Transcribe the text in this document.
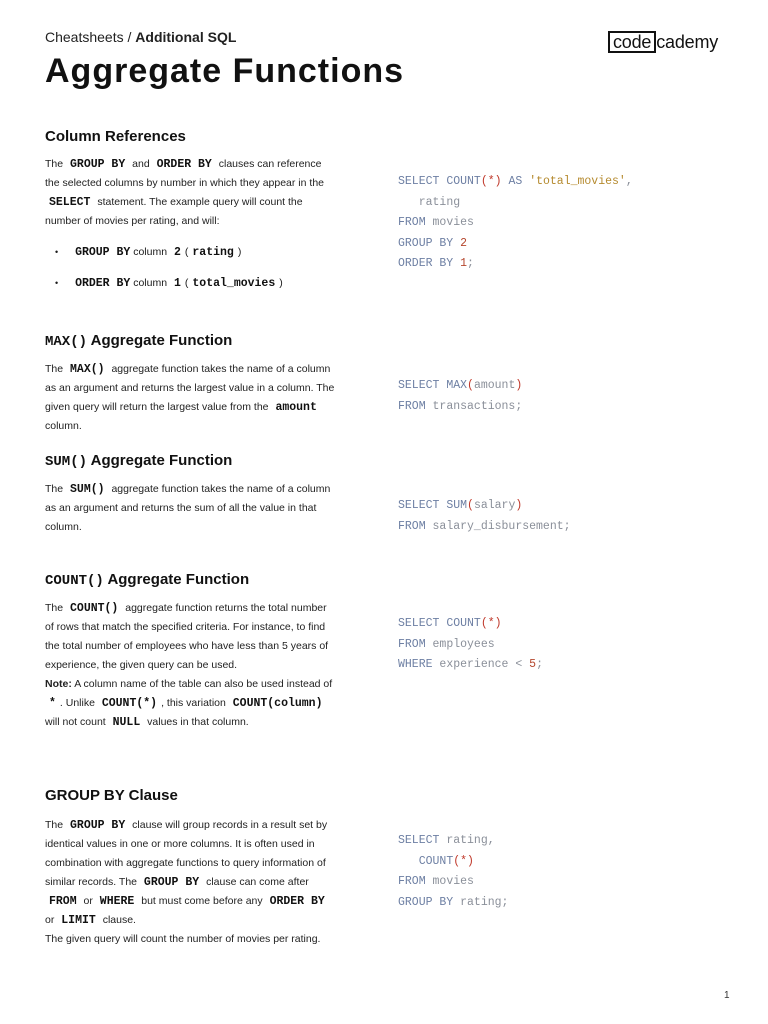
Cheatsheets / Additional SQL	code cademy
Aggregate Functions
Column References

The GROUP BY and ORDER BY clauses can reference the selected columns by number in which they appear in the SELECT statement. The example query will count the number of movies per rating, and will:

• GROUP BY column 2 ( rating )
• ORDER BY column 1 ( total_movies )
MAX() Aggregate Function

The MAX() aggregate function takes the name of a column as an argument and returns the largest value in a column. The given query will return the largest value from the amount column.

SUM() Aggregate Function

The SUM() aggregate function takes the name of a column as an argument and returns the sum of all the value in that column.

COUNT() Aggregate Function

The COUNT() aggregate function returns the total number of rows that match the specified criteria. For instance, to find the total number of employees who have less than 5 years of experience, the given query can be used.

Note: A column name of the table can also be used instead of * . Unlike COUNT(*) , this variation COUNT(column) will not count NULL values in that column.

GROUP BY Clause

The GROUP BY clause will group records in a result set by identical values in one or more columns. It is often used in combination with aggregate functions to query information of similar records. The GROUP BY clause can come after FROM or WHERE but must come before any ORDER BY or LIMIT clause.

The given query will count the number of movies per rating.

SELECT COUNT(*) AS 'total_movies',
rating
FROM movies
GROUP BY 2
ORDER BY 1;
SELECT MAX(amount)
FROM transactions;
SELECT SUM(salary)
FROM salary_disbursement;
SELECT COUNT(*)
FROM employees
WHERE experience < 5;
SELECT rating,
COUNT(*)
FROM movies
GROUP BY rating;
1
